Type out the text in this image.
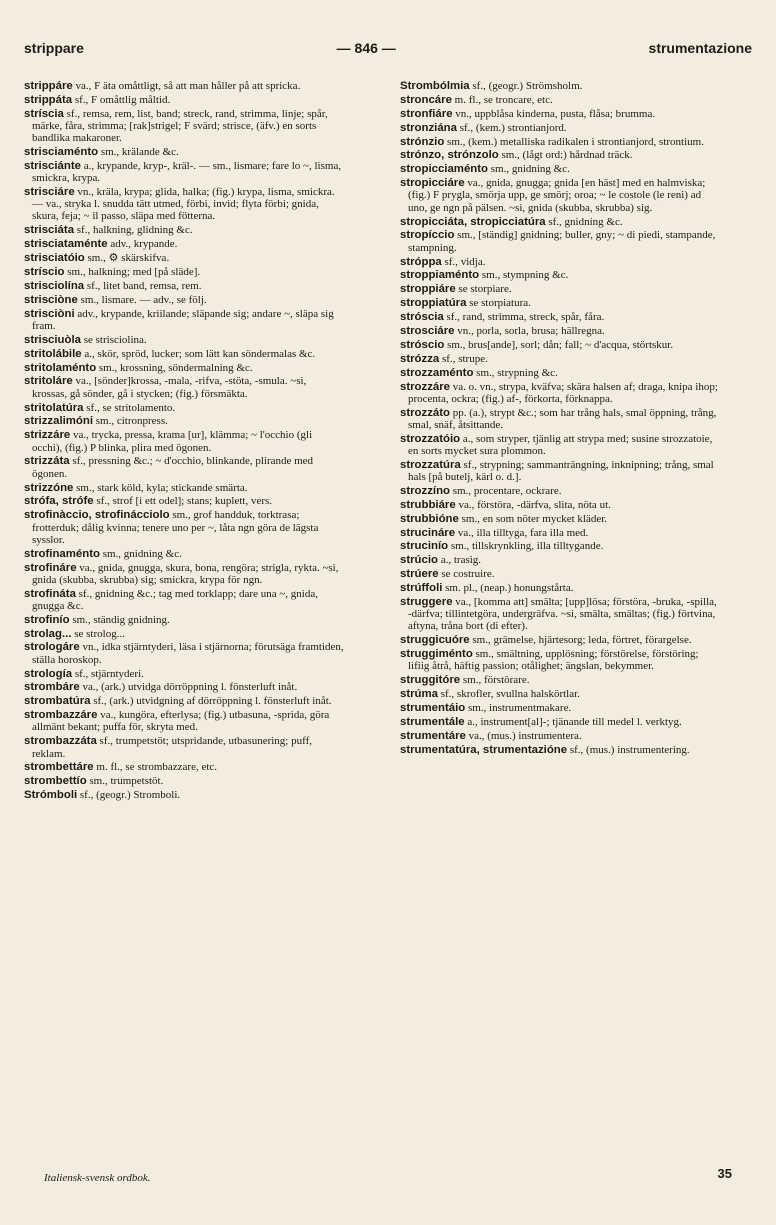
strippare	— 846 —	strumentazione

strippáre va., F äta omåttligt, så att man håller på att spricka.

strippáta sf., F omåttlig måltid.

stríscia sf., remsa, rem, list, band; streck, rand, strimma, linje; spår, märke, fåra, strimma; [rak]strigel; F svärd; strisce, (äfv.) en sorts bandlika makaroner.

strisciaménto sm., krälande &c.

strisciánte a., krypande, kryp-, kräl-. — sm., lismare; fare lo ~, lisma, smickra, krypa.

strisciáre vn., kräla, krypa; glida, halka; (fig.) krypa, lisma, smickra. — va., stryka l. snudda tätt utmed, förbi, invid; flyta förbi; gnida, skura, feja; ~ il passo, släpa med fötterna.

strisciáta sf., halkning, glidning &c.

strisciataménte adv., krypande.

strisciatóio sm., ⚙ skärskifva.

stríscio sm., halkning; med [på släde].

strisciolína sf., litet band, remsa, rem.

strisciòne sm., lismare. — adv., se följ.

strisciòni adv., krypande, kriilande; släpande sig; andare ~, släpa sig fram.

strisciuòla se strisciolina.

stritolábile a., skör, spröd, lucker; som lätt kan söndermalas &c.

stritolaménto sm., krossning, söndermalning &c.

stritoláre va., [sönder]krossa, -mala, -rifva, -stöta, -smula. ~si, krossas, gå sönder, gå i stycken; (fig.) försmäkta.

stritolatúra sf., se stritolamento.

strizzalimóni sm., citronpress.

strizzáre va., trycka, pressa, krama [ur], klämma; ~ l'occhio (gli occhi), (fig.) P blinka, plira med ögonen.

strizzáta sf., pressning &c.; ~ d'occhio, blinkande, plirande med ögonen.

strizzóne sm., stark köld, kyla; stickande smärta.

strófa, strófe sf., strof [i ett odel]; stans; kuplett, vers.

strofinàccio, strofinácciolo sm., grof handduk, torktrasa; frotterduk; dålig kvinna; tenere uno per ~, låta ngn göra de lägsta sysslor.

strofinaménto sm., gnidning &c.

strofináre va., gnida, gnugga, skura, bona, rengöra; strigla, rykta. ~si, gnida (skubba, skrubba) sig; smickra, krypa för ngn.

strofináta sf., gnidning &c.; tag med torklapp; dare una ~, gnida, gnugga &c.

strofinío sm., ständig gnidning.

strolag... se strolog...

strologáre vn., idka stjärntyderi, läsa i stjärnorna; förutsäga framtiden, ställa horoskop.

strología sf., stjärntyderi.

strombáre va., (ark.) utvidga dörröppning l. fönsterluft inåt.

strombatúra sf., (ark.) utvidgning af dörröppning l. fönsterluft inåt.

strombazzáre va., kungöra, efterlysa; (fig.) utbasuna, -sprida, göra allmänt bekant; puffa för, skryta med.

strombazzáta sf., trumpetstöt; utspridande, utbasunering; puff, reklam.

strombettáre m. fl., se strombazzare, etc.

strombettío sm., trumpetstöt.

Strómboli sf., (geogr.) Stromboli.

Strombólmia sf., (geogr.) Strömsholm.

stroncáre m. fl., se troncare, etc.

stronfiáre vn., uppblåsa kinderna, pusta, flåsa; brumma.

stronziána sf., (kem.) strontianjord.

strónzio sm., (kem.) metalliska radikalen i strontianjord, strontium.

strónzo, strónzolo sm., (lågt ord:) hårdnad träck.

stropicciaménto sm., gnidning &c.

stropicciáre va., gnida, gnugga; gnida [en häst] med en halmviska; (fig.) F prygla, smörja upp, ge smörj; oroa; ~ le costole (le reni) ad uno, ge ngn på pälsen. ~si, gnida (skubba, skrubba) sig.

stropicciáta, stropicciatúra sf., gnidning &c.

stropíccio sm., [ständig] gnidning; buller, gny; ~ di piedi, stampande, stampning.

stróppa sf., vidja.

stroppiaménto sm., stympning &c.

stroppiáre se storpiare.

stroppiatúra se storpiatura.

stróscia sf., rand, strimma, streck, spår, fåra.

strosciáre vn., porla, sorla, brusa; hällregna.

stróscio sm., brus[ande], sorl; dån; fall; ~ d'acqua, störtskur.

strózza sf., strupe.

strozzaménto sm., strypning &c.

strozzáre va. o. vn., strypa, kväfva; skära halsen af; draga, knipa ihop; procenta, ockra; (fig.) af-, förkorta, förknappa.

strozzáto pp. (a.), strypt &c.; som har trång hals, smal öppning, trång, smal, snäf, åtsittande.

strozzatóio a., som stryper, tjänlig att strypa med; susine strozzatoie, en sorts mycket sura plommon.

strozzatúra sf., strypning; sammanträngning, inknipning; trång, smal hals [på butelj, kärl o. d.].

strozzíno sm., procentare, ockrare.

strubbiáre va., förstöra, -därfva, slita, nöta ut.

strubbióne sm., en som nöter mycket kläder.

strucináre va., illa tilltyga, fara illa med.

strucinío sm., tillskrynkling, illa tilltygande.

strúcio a., trasig.

strúere se costruire.

strúffoli sm. pl., (neap.) honungstårta.

struggere va., [komma att] smälta; [upp]lösa; förstöra, -bruka, -spilla, -därfva; tillintetgöra, undergräfva. ~si, smälta, smältas; (fig.) förtvina, aftyna, tråna bort (di efter).

struggicuóre sm., grämelse, hjärtesorg; leda, förtret, förargelse.

struggiménto sm., smältning, upplösning; förstörelse, förstöring; lifiig åtrå, häftig passion; otålighet; ängslan, bekymmer.

struggitóre sm., förstörare.

strúma sf., skrofler, svullna halskörtlar.

strumentáio sm., instrumentmakare.

strumentále a., instrument[al]-; tjänande till medel l. verktyg.

strumentáre va., (mus.) instrumentera.

strumentatúra, strumentazióne sf., (mus.) instrumentering.

Italiensk-svensk ordbok.	35
